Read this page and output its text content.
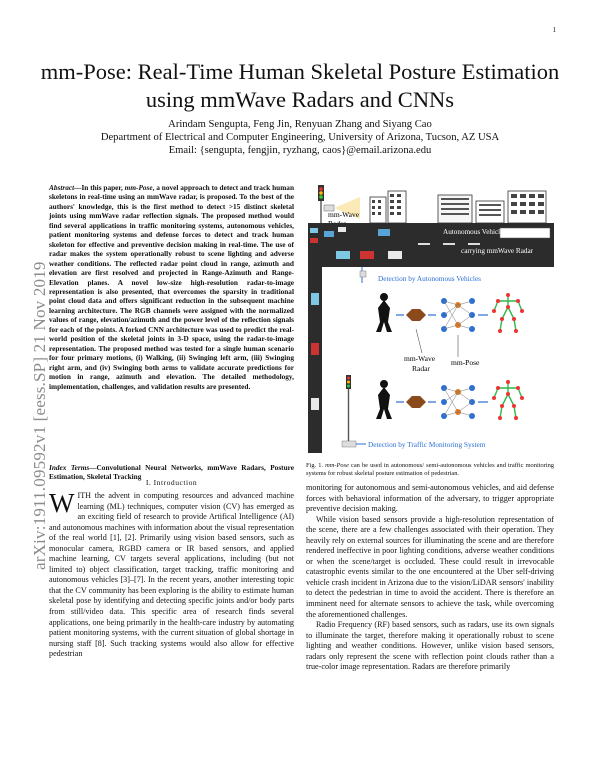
1
arXiv:1911.09592v1 [eess.SP] 21 Nov 2019
mm-Pose: Real-Time Human Skeletal Posture Estimation using mmWave Radars and CNNs
Arindam Sengupta, Feng Jin, Renyuan Zhang and Siyang Cao
Department of Electrical and Computer Engineering, University of Arizona, Tucson, AZ USA
Email: {sengupta, fengjin, ryzhang, caos}@email.arizona.edu
Abstract—In this paper, mm-Pose, a novel approach to detect and track human skeletons in real-time using an mmWave radar, is proposed. To the best of the authors' knowledge, this is the first method to detect >15 distinct skeletal joints using mmWave radar reflection signals. The proposed method would find several applications in traffic monitoring systems, autonomous vehicles, patient monitoring systems and defense forces to detect and track human skeleton for effective and preventive decision making in real-time. The use of radar makes the system operationally robust to scene lighting and adverse weather conditions. The reflected radar point cloud in range, azimuth and elevation are first resolved and projected in Range-Azimuth and Range-Elevation planes. A novel low-size high-resolution radar-to-image representation is also presented, that overcomes the sparsity in traditional point cloud data and offers significant reduction in the subsequent machine learning architecture. The RGB channels were assigned with the normalized values of range, elevation/azimuth and the power level of the reflection signals for each of the points. A forked CNN architecture was used to predict the real-world position of the skeletal joints in 3-D space, using the radar-to-image representation. The proposed method was tested for a single human scenario for four primary motions, (i) Walking, (ii) Swinging left arm, (iii) Swinging right arm, and (iv) Swinging both arms to validate accurate predictions for motion in range, azimuth and elevation. The detailed methodology, implementation, challenges, and validation results are presented.
Index Terms—Convolutional Neural Networks, mmWave Radars, Posture Estimation, Skeletal Tracking
I. Introduction
WITH the advent in computing resources and advanced machine learning (ML) techniques, computer vision (CV) has emerged as an exciting field of research to provide Artifical Intelligence (AI) and autonomous machines with information about the visual representation of the real world [1], [2]. Primarily using vision based sensors, such as monocular camera, RGBD camera or IR based sensors, and applied machine learning, CV targets several applications, including (but not limited to) object classification, target tracking, traffic monitoring and autonomous vehicles [3]–[7]. In the recent years, another interesting topic that the CV community has been exploring is the ability to estimate human skeletal pose by identifying and detecting specific joints and/or body parts from still/video data. This specific area of research finds several applications, one being primarily in the health-care industry by automating patient monitoring systems, with the current situation of global shortage in nursing staff [8]. Such tracking systems would also allow for effective pedestrian
mm-Wave
Autonomous Vehicles
carrying mmWave Radar
Detection by Autonomous Vehicles
mm-Wave
Radar
mm-Pose
Detection by Traffic Monitoring System
Fig. 1. mm-Pose can be used in autonomous/ semi-autonomous vehicles and traffic monitoring systems for robust skeletal posture estimation of pedestrian.

monitoring for autonomous and semi-autonomous vehicles, and aid defense forces with behavioral information of the adversary, to trigger appropriate preventive decision making.

While vision based sensors provide a high-resolution representation of the scene, there are a few challenges associated with their operation. They heavily rely on external sources for illuminating the scene and are therefore rendered ineffective in poor lighting conditions, adverse weather conditions or when the scene/target is occluded. These could result in irrevocable catastrophic events similar to the one encountered at the Uber self-driving vehicle crash incident in Arizona due to the vision/LiDAR sensors' inability to detect the pedestrian in time to avoid the accident. There is therefore an imminent need for alternate sensors to achieve the task, while overcoming the aforementioned challenges.

Radio Frequency (RF) based sensors, such as radars, use its own signals to illuminate the target, therefore making it operationally robust to scene lighting and weather conditions. However, unlike vision based sensors, radars only represent the scene with reflection point clouds rather than a true-color image representation. Radars are therefore primarily
